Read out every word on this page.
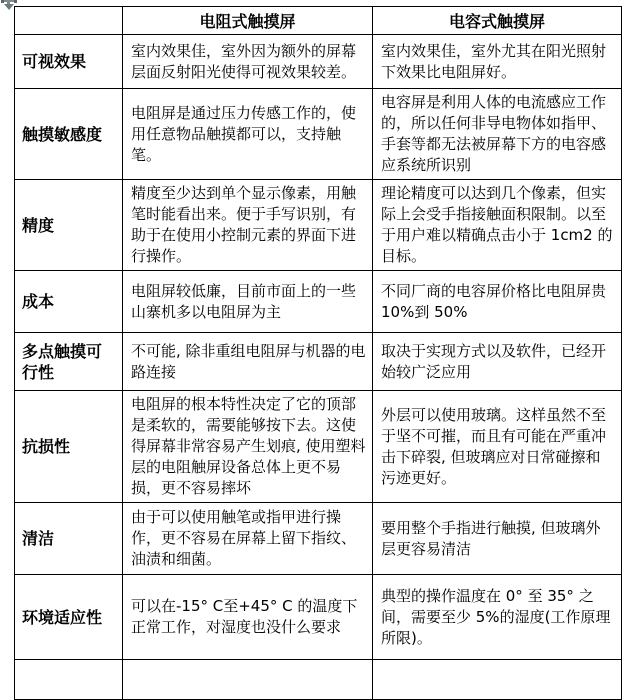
	电阻式触摸屏	电容式触摸屏
可视效果	室内效果佳，室外因为额外的屏幕层面反射阳光使得可视效果较差。	室内效果佳，室外尤其在阳光照射下效果比电阻屏好。
触摸敏感度	电阻屏是通过压力传感工作的，使用任意物品触摸都可以，支持触笔。	电容屏是利用人体的电流感应工作的，所以任何非导电物体如指甲、手套等都无法被屏幕下方的电容感应系统所识别
精度	精度至少达到单个显示像素，用触笔时能看出来。便于手写识别，有助于在使用小控制元素的界面下进行操作。	理论精度可以达到几个像素，但实际上会受手指接触面积限制。以至于用户难以精确点击小于 1cm2 的目标。
成本	电阻屏较低廉，目前市面上的一些山寨机多以电阻屏为主	不同厂商的电容屏价格比电阻屏贵10%到 50%
多点触摸可行性	不可能, 除非重组电阻屏与机器的电路连接	取决于实现方式以及软件，已经开始较广泛应用
抗损性	电阻屏的根本特性决定了它的顶部是柔软的，需要能够按下去。这使得屏幕非常容易产生划痕, 使用塑料层的电阻触屏设备总体上更不易损，更不容易摔坏	外层可以使用玻璃。这样虽然不至于坚不可摧，而且有可能在严重冲击下碎裂, 但玻璃应对日常碰擦和污迹更好。
清洁	由于可以使用触笔或指甲进行操作，更不容易在屏幕上留下指纹、油渍和细菌。	要用整个手指进行触摸, 但玻璃外层更容易清洁
环境适应性	可以在-15° C至+45° C 的温度下正常工作，对湿度也没什么要求	典型的操作温度在 0° 至 35° 之间，需要至少 5%的湿度(工作原理所限)。
